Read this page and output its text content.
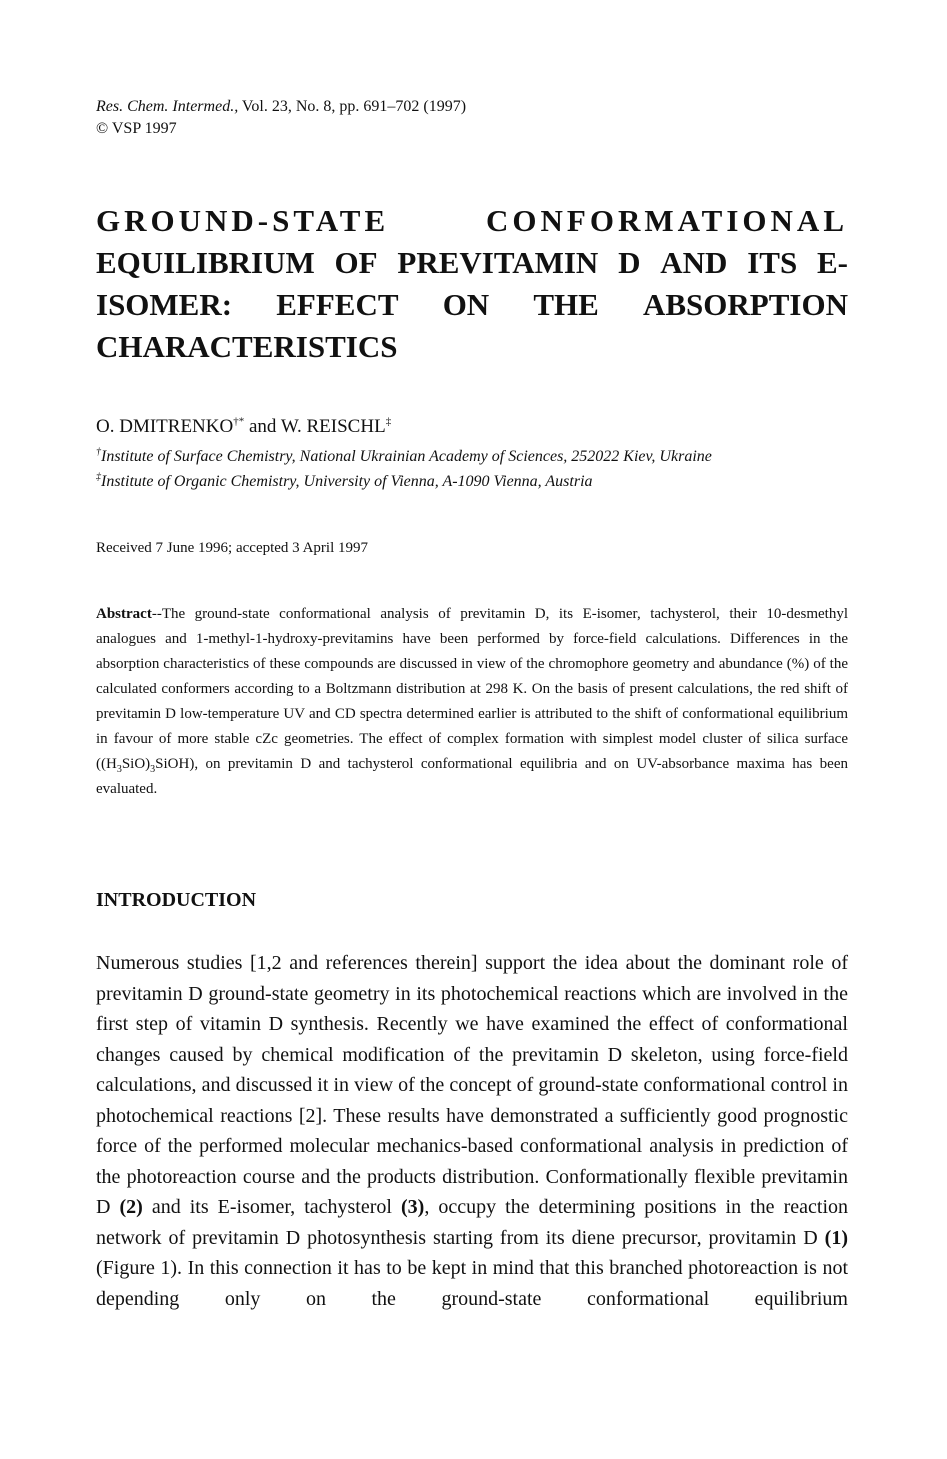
Res. Chem. Intermed., Vol. 23, No. 8, pp. 691–702 (1997)
© VSP 1997
GROUND-STATE	CONFORMATIONAL
EQUILIBRIUM OF PREVITAMIN D AND ITS E-
ISOMER: EFFECT ON THE ABSORPTION
CHARACTERISTICS
O. DMITRENKO†* and W. REISCHL‡
†Institute of Surface Chemistry, National Ukrainian Academy of Sciences, 252022 Kiev, Ukraine
‡Institute of Organic Chemistry, University of Vienna, A-1090 Vienna, Austria
Received 7 June 1996; accepted 3 April 1997
Abstract--The ground-state conformational analysis of previtamin D, its E-isomer, tachysterol, their 10-desmethyl analogues and 1-methyl-1-hydroxy-previtamins have been performed by force-field calculations. Differences in the absorption characteristics of these compounds are discussed in view of the chromophore geometry and abundance (%) of the calculated conformers according to a Boltzmann distribution at 298 K. On the basis of present calculations, the red shift of previtamin D low-temperature UV and CD spectra determined earlier is attributed to the shift of conformational equilibrium in favour of more stable cZc geometries. The effect of complex formation with simplest model cluster of silica surface $((H_3SiO)_3SiOH)$, on previtamin D and tachysterol conformational equilibria and on UV-absorbance maxima has been evaluated.
INTRODUCTION
Numerous studies [1,2 and references therein] support the idea about the dominant role of previtamin D ground-state geometry in its photochemical reactions which are involved in the first step of vitamin D synthesis. Recently we have examined the effect of conformational changes caused by chemical modification of the previtamin D skeleton, using force-field calculations, and discussed it in view of the concept of ground-state conformational control in photochemical reactions [2]. These results have demonstrated a sufficiently good prognostic force of the performed molecular mechanics-based conformational analysis in prediction of the photoreaction course and the products distribution. Conformationally flexible previtamin D (2) and its E-isomer, tachysterol (3), occupy the determining positions in the reaction network of previtamin D photosynthesis starting from its diene precursor, provitamin D (1) (Figure 1). In this connection it has to be kept in mind that this branched photoreaction is not depending only on the ground-state conformational equilibrium
